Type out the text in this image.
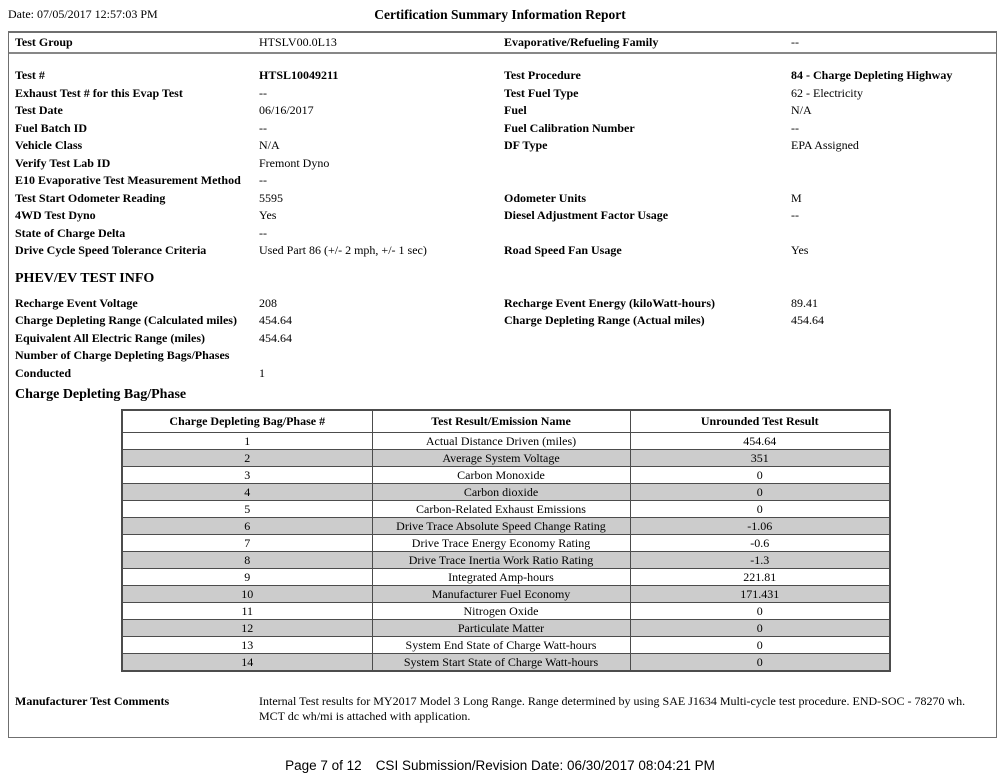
Date: 07/05/2017 12:57:03 PM	Certification Summary Information Report
Test Group	HTSLV00.0L13	Evaporative/Refueling Family	--
Test #	HTSL10049211	Test Procedure	84 - Charge Depleting Highway
Exhaust Test # for this Evap Test	--	Test Fuel Type	62 - Electricity
Test Date	06/16/2017	Fuel	N/A
Fuel Batch ID	--	Fuel Calibration Number	--
Vehicle Class	N/A	DF Type	EPA Assigned
Verify Test Lab ID	Fremont Dyno
E10 Evaporative Test Measurement Method	--
Test Start Odometer Reading	5595	Odometer Units	M
4WD Test Dyno	Yes	Diesel Adjustment Factor Usage	--
State of Charge Delta	--
Drive Cycle Speed Tolerance Criteria	Used Part 86 (+/- 2 mph, +/- 1 sec)	Road Speed Fan Usage	Yes
PHEV/EV TEST INFO
Recharge Event Voltage	208	Recharge Event Energy (kiloWatt-hours)	89.41
Charge Depleting Range (Calculated miles)	454.64	Charge Depleting Range (Actual miles)	454.64
Equivalent All Electric Range (miles)	454.64
Number of Charge Depleting Bags/Phases Conducted	1
Charge Depleting Bag/Phase
Charge Depleting Bag/Phase #	Test Result/Emission Name	Unrounded Test Result
1	Actual Distance Driven (miles)	454.64
2	Average System Voltage	351
3	Carbon Monoxide	0
4	Carbon dioxide	0
5	Carbon-Related Exhaust Emissions	0
6	Drive Trace Absolute Speed Change Rating	-1.06
7	Drive Trace Energy Economy Rating	-0.6
8	Drive Trace Inertia Work Ratio Rating	-1.3
9	Integrated Amp-hours	221.81
10	Manufacturer Fuel Economy	171.431
11	Nitrogen Oxide	0
12	Particulate Matter	0
13	System End State of Charge Watt-hours	0
14	System Start State of Charge Watt-hours	0
Manufacturer Test Comments	Internal Test results for MY2017 Model 3 Long Range. Range determined by using SAE J1634 Multi-cycle test procedure. END-SOC - 78270 wh. MCT dc wh/mi is attached with application.
Page 7 of 12 CSI Submission/Revision Date: 06/30/2017 08:04:21 PM
